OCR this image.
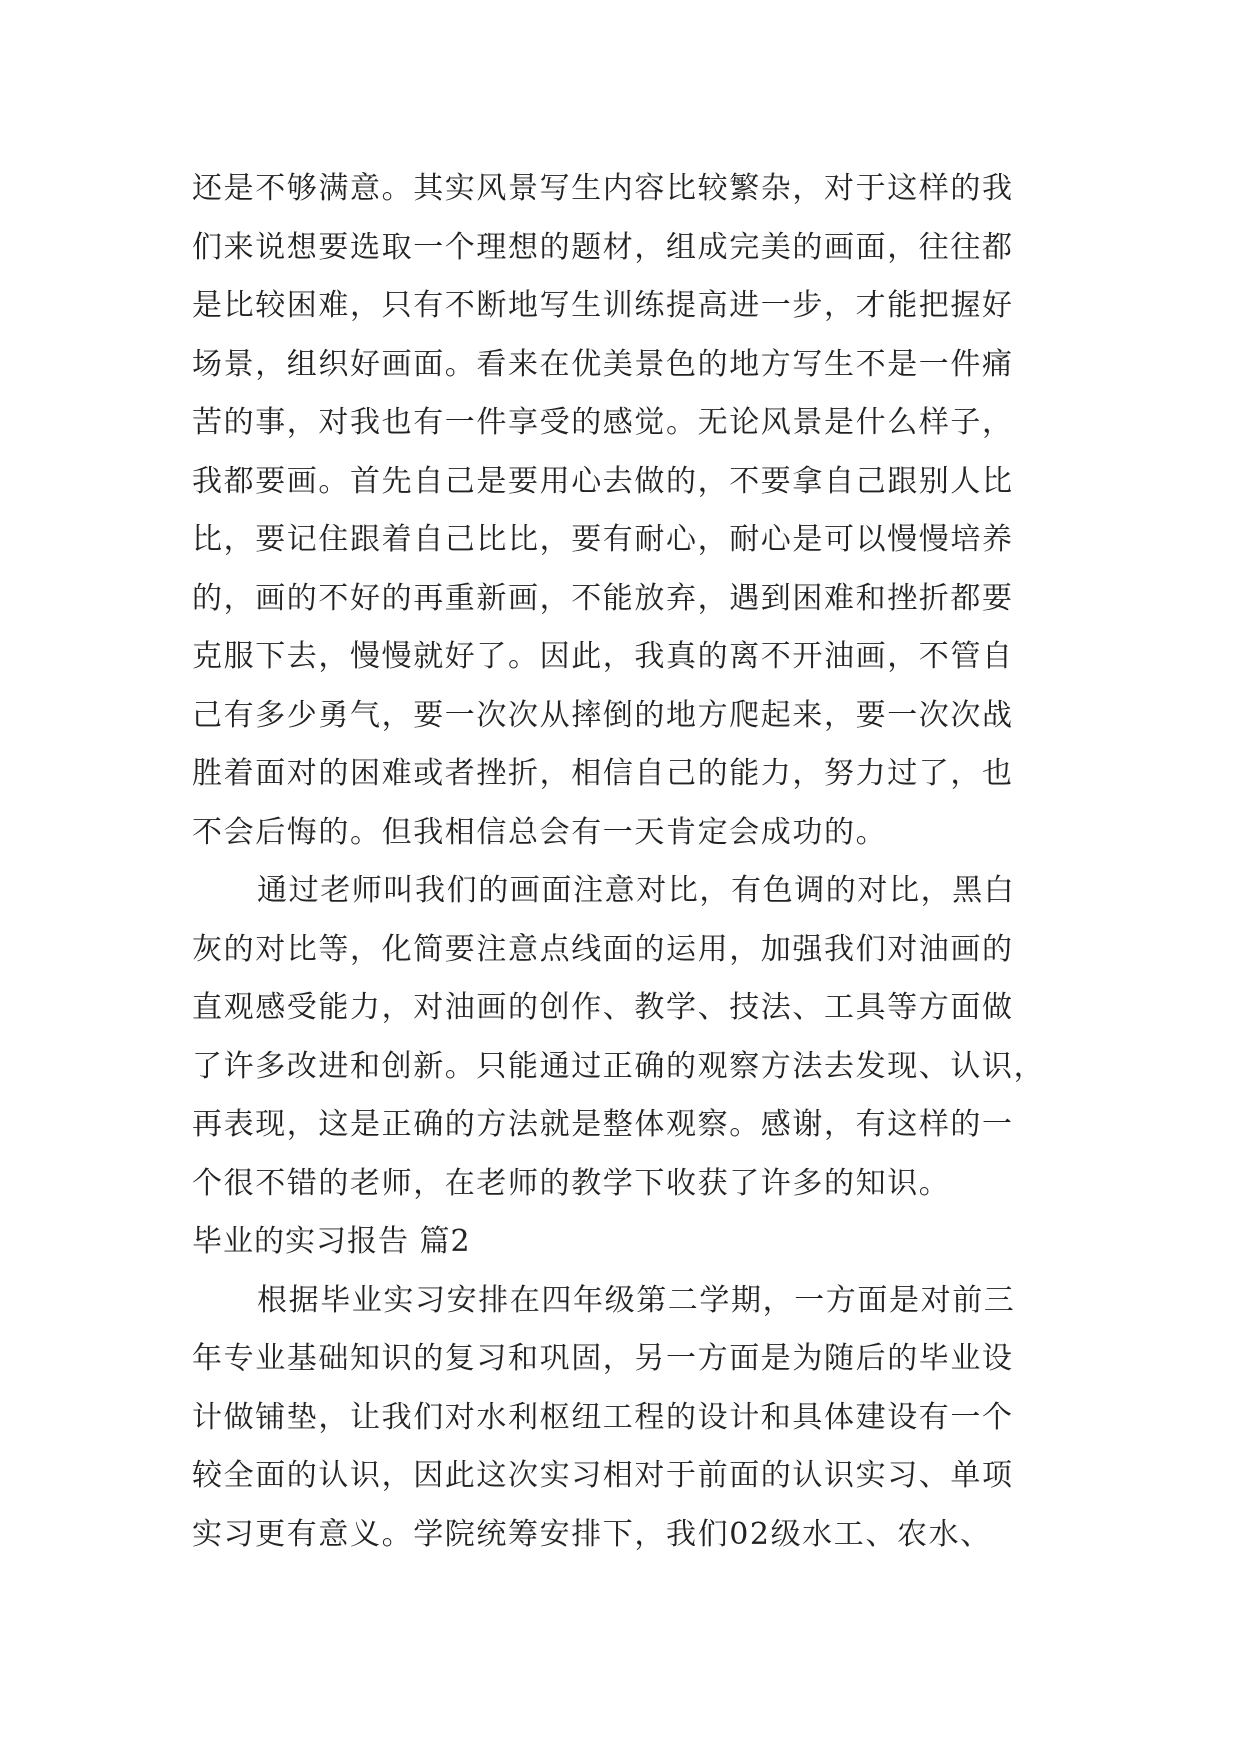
还是不够满意。其实风景写生内容比较繁杂，对于这样的我
们来说想要选取一个理想的题材，组成完美的画面，往往都
是比较困难，只有不断地写生训练提高进一步，才能把握好
场景，组织好画面。看来在优美景色的地方写生不是一件痛
苦的事，对我也有一件享受的感觉。无论风景是什么样子，
我都要画。首先自己是要用心去做的，不要拿自己跟别人比
比，要记住跟着自己比比，要有耐心，耐心是可以慢慢培养
的，画的不好的再重新画，不能放弃，遇到困难和挫折都要
克服下去，慢慢就好了。因此，我真的离不开油画，不管自
己有多少勇气，要一次次从摔倒的地方爬起来，要一次次战
胜着面对的困难或者挫折，相信自己的能力，努力过了，也
不会后悔的。但我相信总会有一天肯定会成功的。
通过老师叫我们的画面注意对比，有色调的对比，黑白
灰的对比等，化简要注意点线面的运用，加强我们对油画的
直观感受能力，对油画的创作、教学、技法、工具等方面做
了许多改进和创新。只能通过正确的观察方法去发现、认识，
再表现，这是正确的方法就是整体观察。感谢，有这样的一
个很不错的老师，在老师的教学下收获了许多的知识。
毕业的实习报告 篇2
根据毕业实习安排在四年级第二学期，一方面是对前三
年专业基础知识的复习和巩固，另一方面是为随后的毕业设
计做铺垫，让我们对水利枢纽工程的设计和具体建设有一个
较全面的认识，因此这次实习相对于前面的认识实习、单项
实习更有意义。学院统筹安排下，我们02级水工、农水、
